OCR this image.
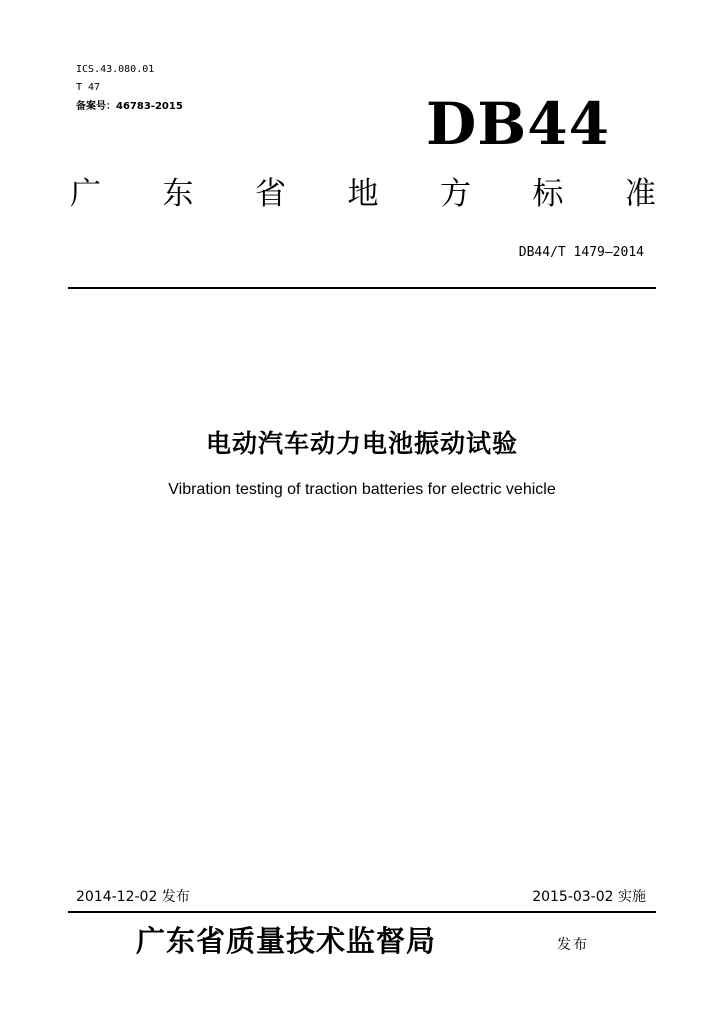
ICS.43.080.01
T 47
备案号：46783-2015	DB44
广 东 省 地 方 标 准
DB44/T 1479—2014
电动汽车动力电池振动试验
Vibration testing of traction batteries for electric vehicle
2014-12-02 发布	2015-03-02 实施
广东省质量技术监督局	发布
